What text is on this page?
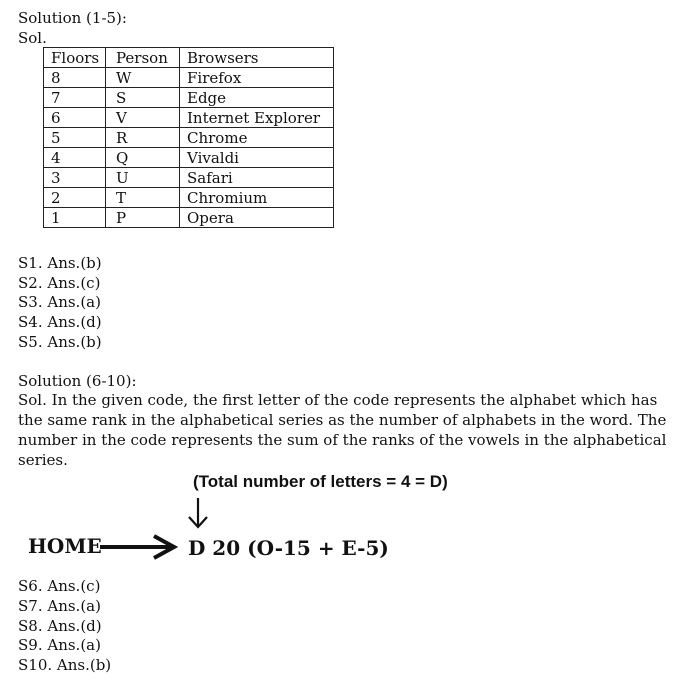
Solution (1-5):
Sol.
Floors	Person	Browsers
8	W	Firefox
7	S	Edge
6	V	Internet Explorer
5	R	Chrome
4	Q	Vivaldi
3	U	Safari
2	T	Chromium
1	P	Opera
S1. Ans.(b)
S2. Ans.(c)
S3. Ans.(a)
S4. Ans.(d)
S5. Ans.(b)
Solution (6-10):
Sol. In the given code, the first letter of the code represents the alphabet which has the same rank in the alphabetical series as the number of alphabets in the word. The number in the code represents the sum of the ranks of the vowels in the alphabetical series.
(Total number of letters = 4 = D)
HOME	D 20 (O-15 + E-5)
S6. Ans.(c)
S7. Ans.(a)
S8. Ans.(d)
S9. Ans.(a)
S10. Ans.(b)
